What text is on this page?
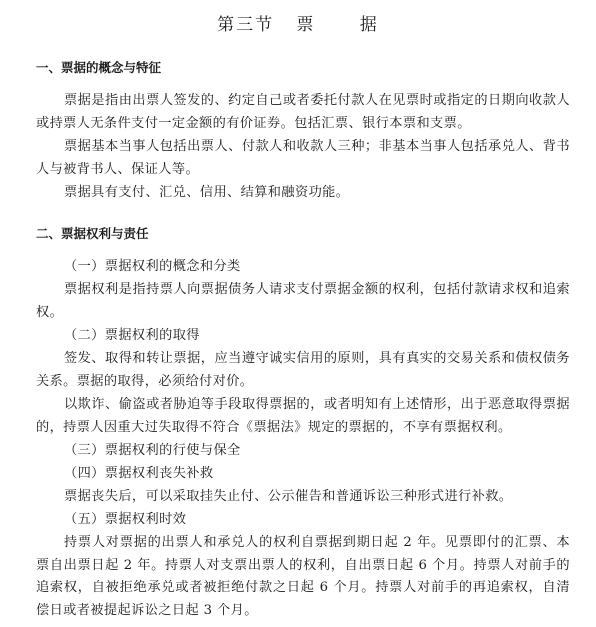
第三节   票      据
一、票据的概念与特征

票据是指由出票人签发的、约定自己或者委托付款人在见票时或指定的日期向收款人或持票人无条件支付一定金额的有价证券。包括汇票、银行本票和支票。

票据基本当事人包括出票人、付款人和收款人三种；非基本当事人包括承兑人、背书人与被背书人、保证人等。

票据具有支付、汇兑、信用、结算和融资功能。

二、票据权利与责任

（一）票据权利的概念和分类

票据权利是指持票人向票据债务人请求支付票据金额的权利，包括付款请求权和追索权。

（二）票据权利的取得

签发、取得和转让票据，应当遵守诚实信用的原则，具有真实的交易关系和债权债务关系。票据的取得，必须给付对价。

以欺诈、偷盗或者胁迫等手段取得票据的，或者明知有上述情形，出于恶意取得票据的，持票人因重大过失取得不符合《票据法》规定的票据的，不享有票据权利。

（三）票据权利的行使与保全

（四）票据权利丧失补救

票据丧失后，可以采取挂失止付、公示催告和普通诉讼三种形式进行补救。

（五）票据权利时效

持票人对票据的出票人和承兑人的权利自票据到期日起 2 年。见票即付的汇票、本票自出票日起 2 年。持票人对支票出票人的权利，自出票日起 6 个月。持票人对前手的追索权，自被拒绝承兑或者被拒绝付款之日起 6 个月。持票人对前手的再追索权，自清偿日或者被提起诉讼之日起 3 个月。
